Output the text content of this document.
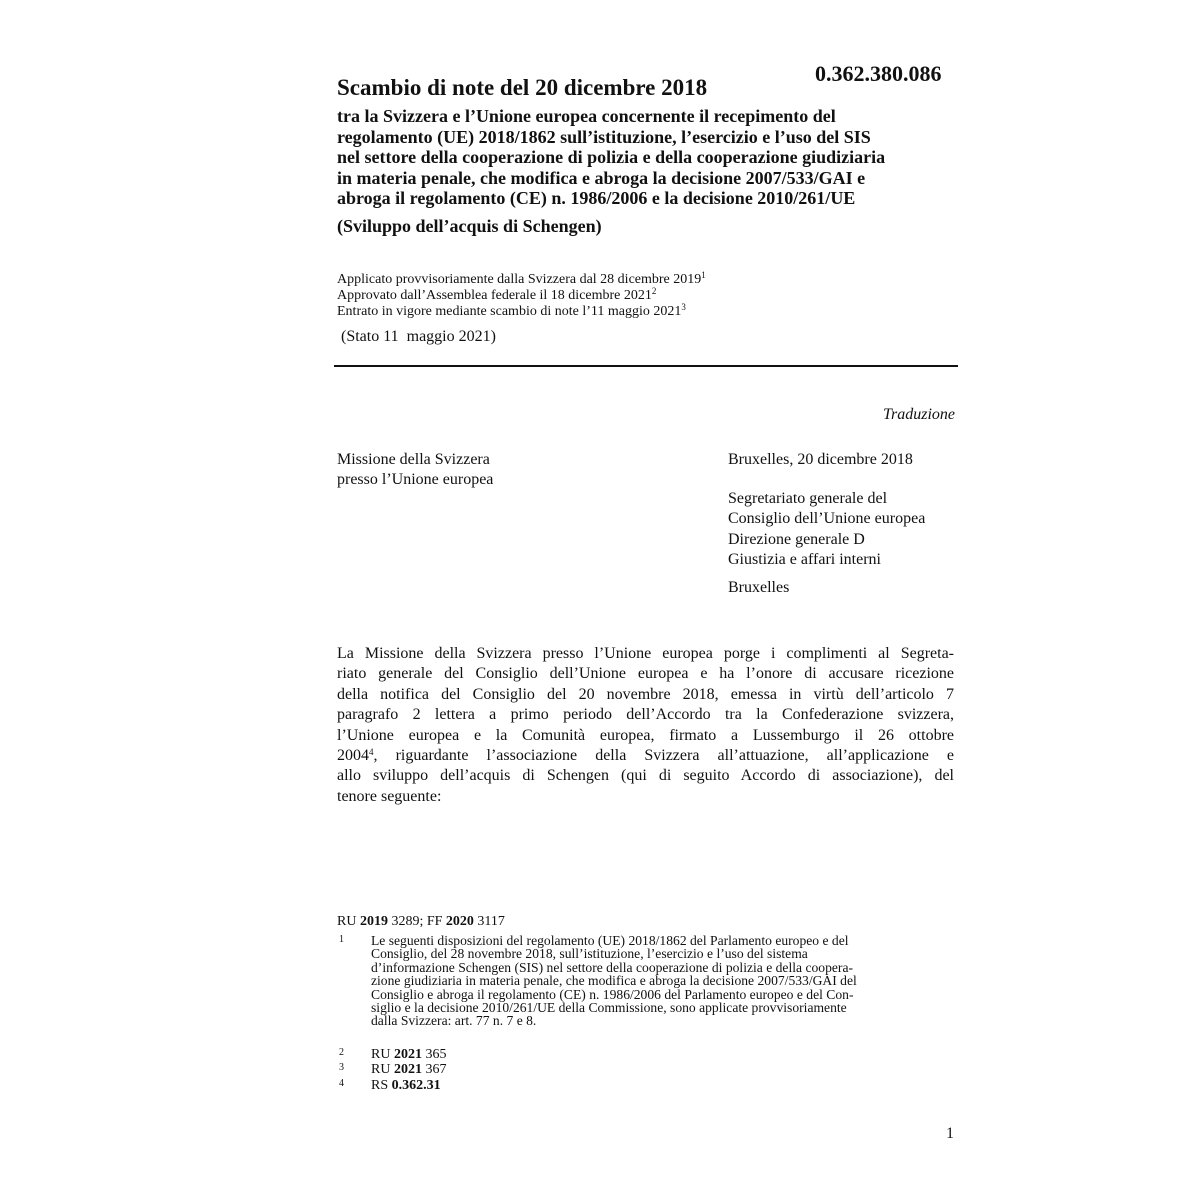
0.362.380.086
Scambio di note del 20 dicembre 2018
tra la Svizzera e l’Unione europea concernente il recepimento del
regolamento (UE) 2018/1862 sull’istituzione, l’esercizio e l’uso del SIS
nel settore della cooperazione di polizia e della cooperazione giudiziaria
in materia penale, che modifica e abroga la decisione 2007/533/GAI e
abroga il regolamento (CE) n. 1986/2006 e la decisione 2010/261/UE
(Sviluppo dell’acquis di Schengen)
Applicato provvisoriamente dalla Svizzera dal 28 dicembre 2019$^1$
Approvato dall’Assemblea federale il 18 dicembre 2021$^2$
Entrato in vigore mediante scambio di note l’11 maggio 2021$^3$
(Stato 11  maggio 2021)
Traduzione
Missione della Svizzera
presso l’Unione europea
Bruxelles, 20 dicembre 2018
Segretariato generale del
Consiglio dell’Unione europea
Direzione generale D
Giustizia e affari interni
Bruxelles
La Missione della Svizzera presso l’Unione europea porge i complimenti al Segreta-
riato generale del Consiglio dell’Unione europea e ha l’onore di accusare ricezione
della notifica del Consiglio del 20 novembre 2018, emessa in virtù dell’articolo 7
paragrafo 2 lettera a primo periodo dell’Accordo tra la Confederazione svizzera,
l’Unione europea e la Comunità europea, firmato a Lussemburgo il 26 ottobre
2004$^4$, riguardante l’associazione della Svizzera all’attuazione, all’applicazione e
allo sviluppo dell’acquis di Schengen (qui di seguito Accordo di associazione), del
tenore seguente:
RU 2019 3289; FF 2020 3117
1 Le seguenti disposizioni del regolamento (UE) 2018/1862 del Parlamento europeo e del
Consiglio, del 28 novembre 2018, sull’istituzione, l’esercizio e l’uso del sistema
d’informazione Schengen (SIS) nel settore della cooperazione di polizia e della coopera-
zione giudiziaria in materia penale, che modifica e abroga la decisione 2007/533/GAI del
Consiglio e abroga il regolamento (CE) n. 1986/2006 del Parlamento europeo e del Con-
siglio e la decisione 2010/261/UE della Commissione, sono applicate provvisoriamente
dalla Svizzera: art. 77 n. 7 e 8.
2 RU 2021 365
3 RU 2021 367
4 RS 0.362.31
1
